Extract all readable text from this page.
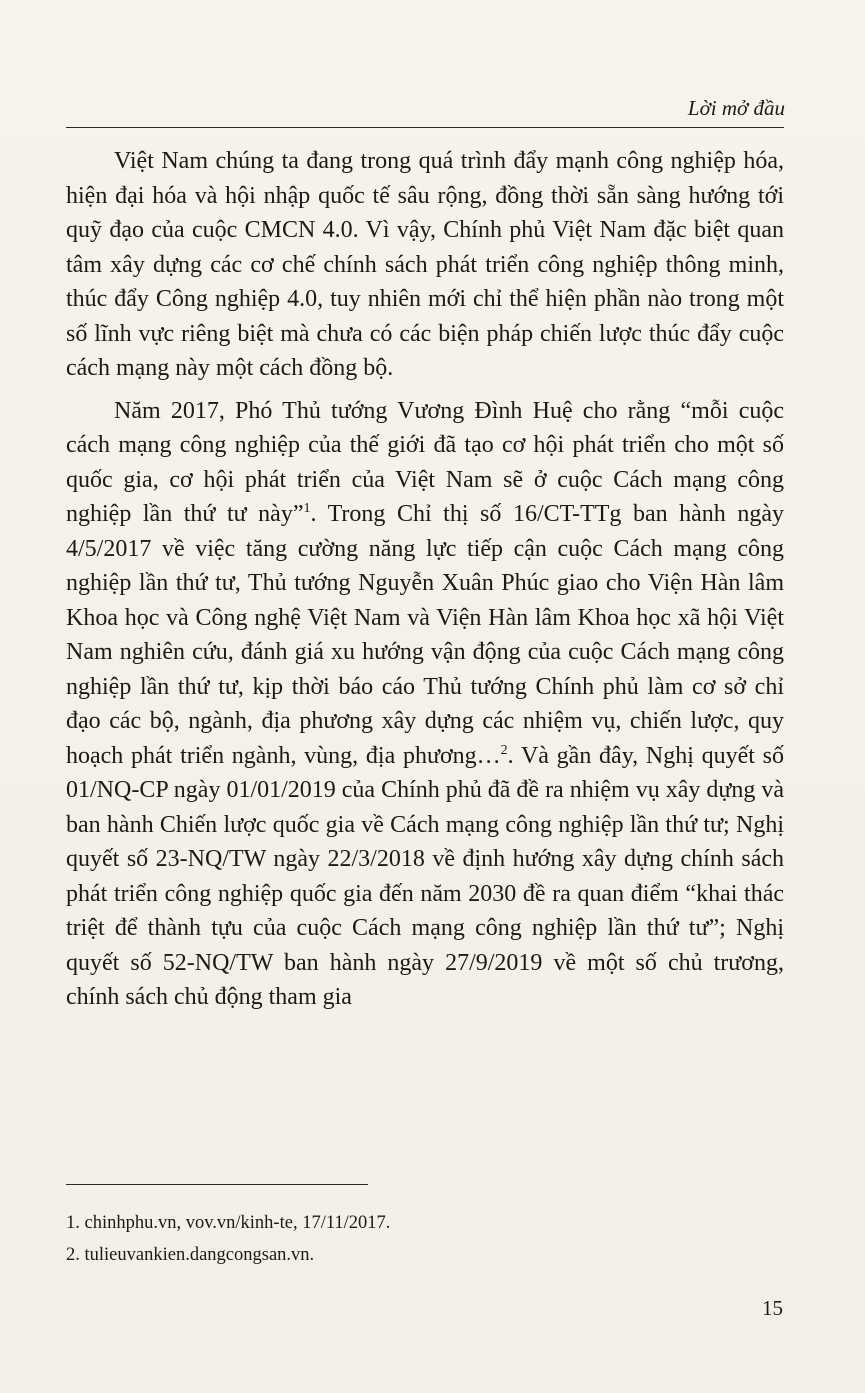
Lời mở đầu

Việt Nam chúng ta đang trong quá trình đẩy mạnh công nghiệp hóa, hiện đại hóa và hội nhập quốc tế sâu rộng, đồng thời sẵn sàng hướng tới quỹ đạo của cuộc CMCN 4.0. Vì vậy, Chính phủ Việt Nam đặc biệt quan tâm xây dựng các cơ chế chính sách phát triển công nghiệp thông minh, thúc đẩy Công nghiệp 4.0, tuy nhiên mới chỉ thể hiện phần nào trong một số lĩnh vực riêng biệt mà chưa có các biện pháp chiến lược thúc đẩy cuộc cách mạng này một cách đồng bộ.

Năm 2017, Phó Thủ tướng Vương Đình Huệ cho rằng “mỗi cuộc cách mạng công nghiệp của thế giới đã tạo cơ hội phát triển cho một số quốc gia, cơ hội phát triển của Việt Nam sẽ ở cuộc Cách mạng công nghiệp lần thứ tư này”$^1$. Trong Chỉ thị số 16/CT-TTg ban hành ngày 4/5/2017 về việc tăng cường năng lực tiếp cận cuộc Cách mạng công nghiệp lần thứ tư, Thủ tướng Nguyễn Xuân Phúc giao cho Viện Hàn lâm Khoa học và Công nghệ Việt Nam và Viện Hàn lâm Khoa học xã hội Việt Nam nghiên cứu, đánh giá xu hướng vận động của cuộc Cách mạng công nghiệp lần thứ tư, kịp thời báo cáo Thủ tướng Chính phủ làm cơ sở chỉ đạo các bộ, ngành, địa phương xây dựng các nhiệm vụ, chiến lược, quy hoạch phát triển ngành, vùng, địa phương…$^2$. Và gần đây, Nghị quyết số 01/NQ-CP ngày 01/01/2019 của Chính phủ đã đề ra nhiệm vụ xây dựng và ban hành Chiến lược quốc gia về Cách mạng công nghiệp lần thứ tư; Nghị quyết số 23-NQ/TW ngày 22/3/2018 về định hướng xây dựng chính sách phát triển công nghiệp quốc gia đến năm 2030 đề ra quan điểm “khai thác triệt để thành tựu của cuộc Cách mạng công nghiệp lần thứ tư”; Nghị quyết số 52-NQ/TW ban hành ngày 27/9/2019 về một số chủ trương, chính sách chủ động tham gia

1. chinhphu.vn, vov.vn/kinh-te, 17/11/2017.
2. tulieuvankien.dangcongsan.vn.
15
